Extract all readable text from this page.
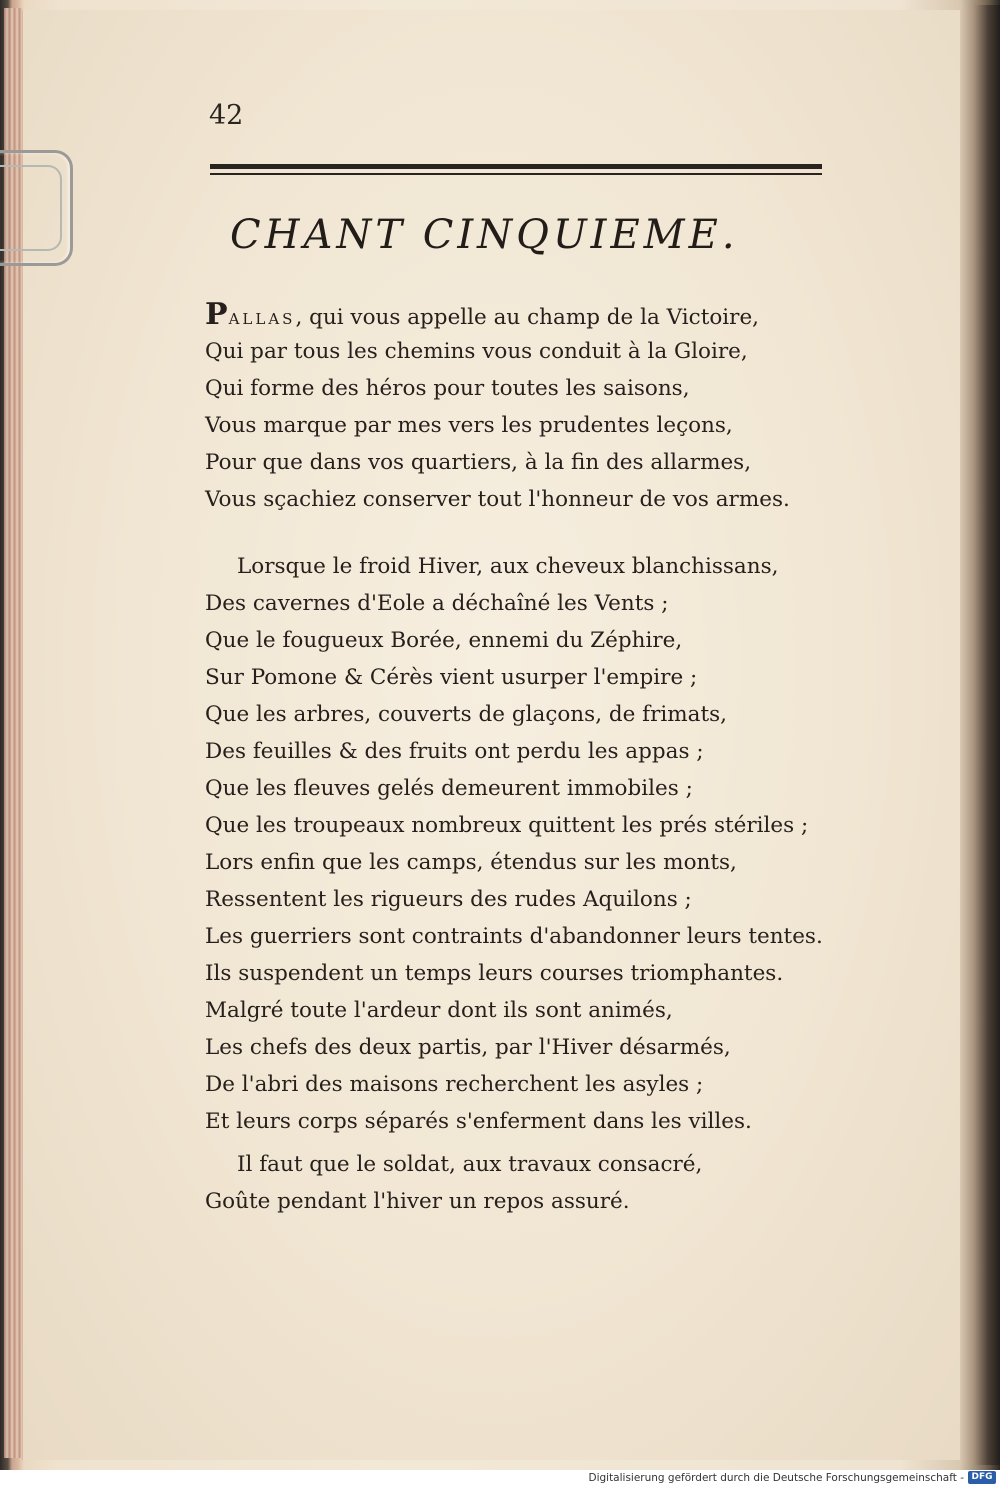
42
CHANT CINQUIEME.
PALLAS, qui vous appelle au champ de la Victoire,
Qui par tous les chemins vous conduit à la Gloire,
Qui forme des héros pour toutes les saisons,
Vous marque par mes vers les prudentes leçons,
Pour que dans vos quartiers, à la fin des allarmes,
Vous sçachiez conserver tout l'honneur de vos armes.
Lorsque le froid Hiver, aux cheveux blanchissans,
Des cavernes d'Eole a déchaîné les Vents ;
Que le fougueux Borée, ennemi du Zéphire,
Sur Pomone & Cérès vient usurper l'empire ;
Que les arbres, couverts de glaçons, de frimats,
Des feuilles & des fruits ont perdu les appas ;
Que les fleuves gelés demeurent immobiles ;
Que les troupeaux nombreux quittent les prés stériles ;
Lors enfin que les camps, étendus sur les monts,
Ressentent les rigueurs des rudes Aquilons ;
Les guerriers sont contraints d'abandonner leurs tentes.
Ils suspendent un temps leurs courses triomphantes.
Malgré toute l'ardeur dont ils sont animés,
Les chefs des deux partis, par l'Hiver désarmés,
De l'abri des maisons recherchent les asyles ;
Et leurs corps séparés s'enferment dans les villes.
Il faut que le soldat, aux travaux consacré,
Goûte pendant l'hiver un repos assuré.
Digitalisierung gefördert durch die Deutsche Forschungsgemeinschaft - DFG
